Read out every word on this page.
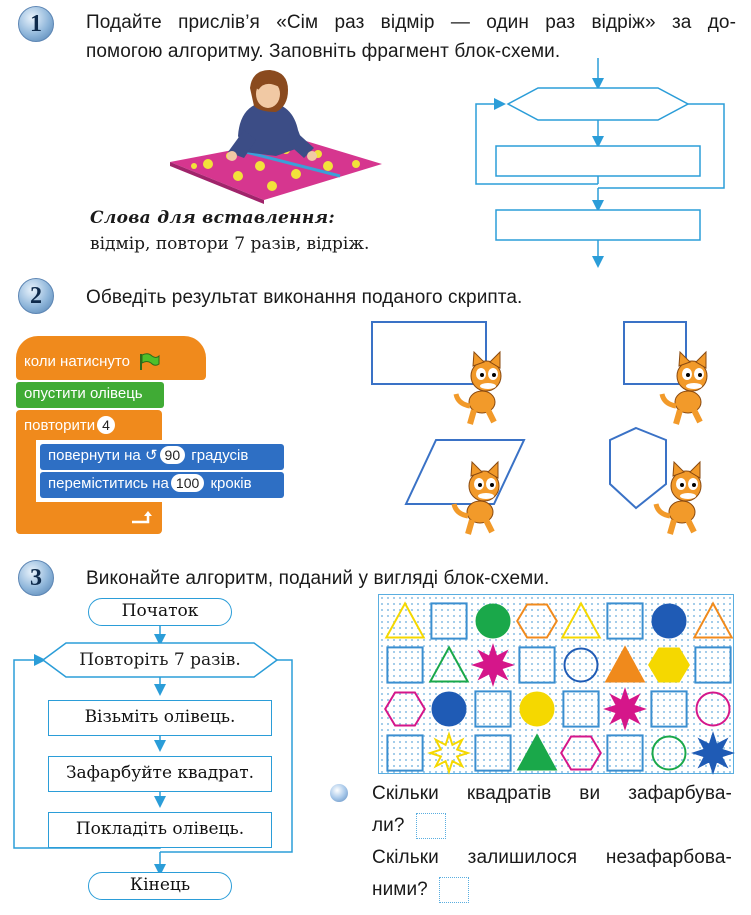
1	Подайте прислів’я «Сім раз відмір — один раз відріж» за до-
помогою алгоритму. Заповніть фрагмент блок-схеми.
Слова для вставлення:
відмір, повтори 7 разів, відріж.
2	Обведіть результат виконання поданого скрипта.
коли натиснуто
опустити олівець
повторити 4
повернути на ↺ 90 градусів
переміститись на 100 кроків
3	Виконайте алгоритм, поданий у вигляді блок-схеми.
Початок
Повторіть 7 разів.
Візьміть олівець.
Зафарбуйте квадрат.
Покладіть олівець.
Кінець
Скільки квадратів ви зафарбува-
ли?
Скільки залишилося незафарбова-
ними?
